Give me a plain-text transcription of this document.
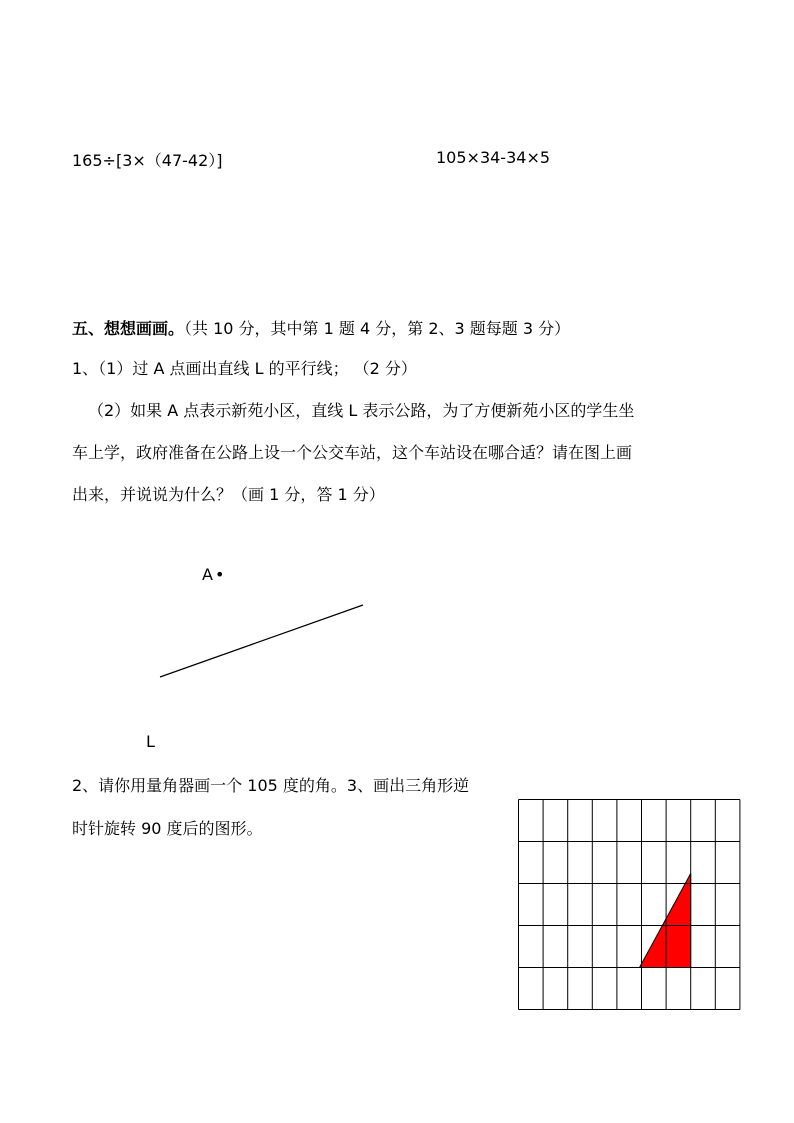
165÷[3×（47-42）]	105×34-34×5
五、想想画画。（共 10 分，其中第 1 题 4 分，第 2、3 题每题 3 分）
1、（1）过 A 点画出直线 L 的平行线； （2 分）
（2）如果 A 点表示新苑小区，直线 L 表示公路，为了方便新苑小区的学生坐
车上学，政府准备在公路上设一个公交车站，这个车站设在哪合适？请在图上画
出来，并说说为什么？（画 1 分，答 1 分）
A •
L
2、请你用量角器画一个 105 度的角。3、画出三角形逆
时针旋转 90 度后的图形。
